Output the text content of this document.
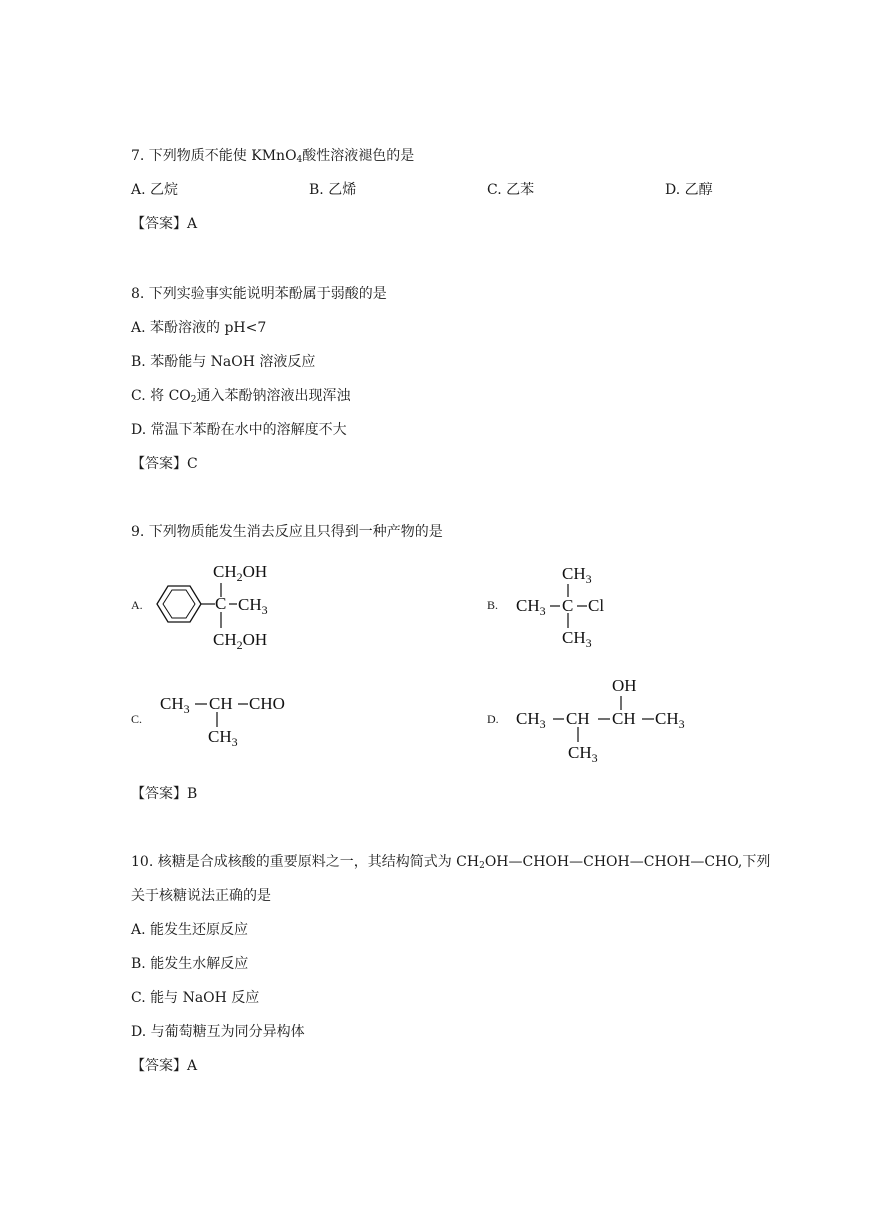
7. 下列物质不能使 KMnO$_4$酸性溶液褪色的是
A. 乙烷	B. 乙烯	C. 乙苯	D. 乙醇
【答案】A
8. 下列实验事实能说明苯酚属于弱酸的是
A. 苯酚溶液的 pH<7
B. 苯酚能与 NaOH 溶液反应
C. 将 $CO_2$通入苯酚钠溶液出现浑浊
D. 常温下苯酚在水中的溶解度不大
【答案】C
9. 下列物质能发生消去反应且只得到一种产物的是
A.	B.
C.	D.
$CH_2OH$
C $CH_3$
$CH_2OH$
$CH_3$
$CH_3$ C Cl
$CH_3$
$CH_3$ CH CHO
$CH_3$
OH
$CH_3$ CH CH $CH_3$
$CH_3$
【答案】B
10. 核糖是合成核酸的重要原料之一，其结构简式为 $CH_2OH—CHOH—CHOH—CHOH—CHO$,下列
关于核糖说法正确的是
A. 能发生还原反应
B. 能发生水解反应
C. 能与 NaOH 反应
D. 与葡萄糖互为同分异构体
【答案】A
